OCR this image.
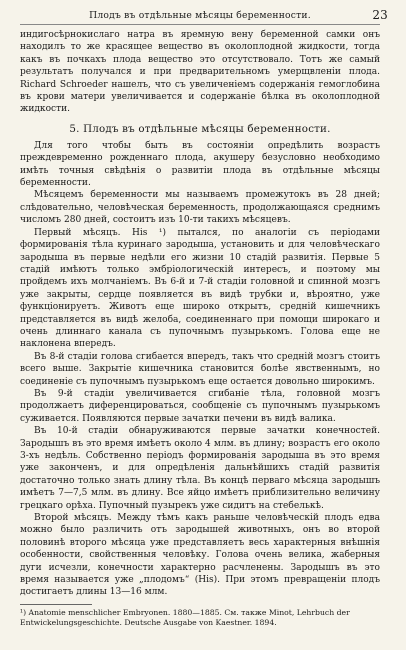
Плодъ въ отдѣльные мѣсяцы беременности.	23

индигосѣрнокислаго натра въ яремную вену беременной самки онъ находилъ то же красящее вещество въ околоплодной жидкости, тогда какъ въ почкахъ плода вещество это отсутствовало. Тотъ же самый результатъ получался и при предварительномъ умерщвленіи плода. Richard Schroeder нашелъ, что съ увеличеніемъ содержанія гемоглобина въ крови матери увеличивается и содержаніе бѣлка въ околоплодной жидкости.

5. Плодъ въ отдѣльные мѣсяцы беременности.

Для того чтобы быть въ состояніи опредѣлить возрастъ преждевременно рожденнаго плода, акушеру безусловно необходимо имѣть точныя свѣдѣнія о развитіи плода въ отдѣльные мѣсяцы беременности.

Мѣсяцемъ беременности мы называемъ промежутокъ въ 28 дней; слѣдовательно, человѣческая беременность, продолжающаяся среднимъ числомъ 280 дней, состоитъ изъ 10-ти такихъ мѣсяцевъ.

Первый мѣсяцъ. His ¹) пытался, по аналогіи съ періодами формированія тѣла куринаго зародыша, установить и для человѣческаго зародыша въ первые недѣли его жизни 10 стадій развитія. Первые 5 стадій имѣютъ только эмбріологическій интересъ, и поэтому мы пройдемъ ихъ молчаніемъ. Въ 6-й и 7-й стадіи головной и спинной мозгъ уже закрыты, сердце появляется въ видѣ трубки и, вѣроятно, уже функціонируетъ. Животъ еще широко открытъ, средній кишечникъ представляется въ видѣ желоба, соединеннаго при помощи широкаго и очень длиннаго канала съ пупочнымъ пузырькомъ. Голова еще не наклонена впередъ.

Въ 8-й стадіи голова сгибается впередъ, такъ что средній мозгъ стоитъ всего выше. Закрытіе кишечника становится болѣе явственнымъ, но соединеніе съ пупочнымъ пузырькомъ еще остается довольно широкимъ.

Въ 9-й стадіи увеличивается сгибаніе тѣла, головной мозгъ продолжаетъ диференцироваться, сообщеніе съ пупочнымъ пузырькомъ суживается. Появляются первые зачатки печени въ видѣ валика.

Въ 10-й стадіи обнаруживаются первые зачатки конечностей. Зародышъ въ это время имѣетъ около 4 млм. въ длину; возрастъ его около 3-хъ недѣль. Собственно періодъ формированія зародыша въ это время уже законченъ, и для опредѣленія дальнѣйшихъ стадій развитія достаточно только знать длину тѣла. Въ концѣ перваго мѣсяца зародышъ имѣетъ 7—7,5 млм. въ длину. Все яйцо имѣетъ приблизительно величину грецкаго орѣха. Пупочный пузырекъ уже сидитъ на стебелькѣ.

Второй мѣсяцъ. Между тѣмъ какъ раньше человѣческій плодъ едва можно было различить отъ зародышей животныхъ, онъ во второй половинѣ второго мѣсяца уже представляетъ весь характерныя внѣшнія особенности, свойственныя человѣку. Голова очень велика, жаберныя дуги исчезли, конечности характерно расчленены. Зародышъ въ это время называется уже „плодомъ“ (His). При этомъ превращеніи плодъ достигаетъ длины 13—16 млм.

¹) Anatomie menschlicher Embryonen. 1880—1885. См. также Minot, Lehrbuch der Entwickelungsgeschichte. Deutsche Ausgabe von Kaestner. 1894.
